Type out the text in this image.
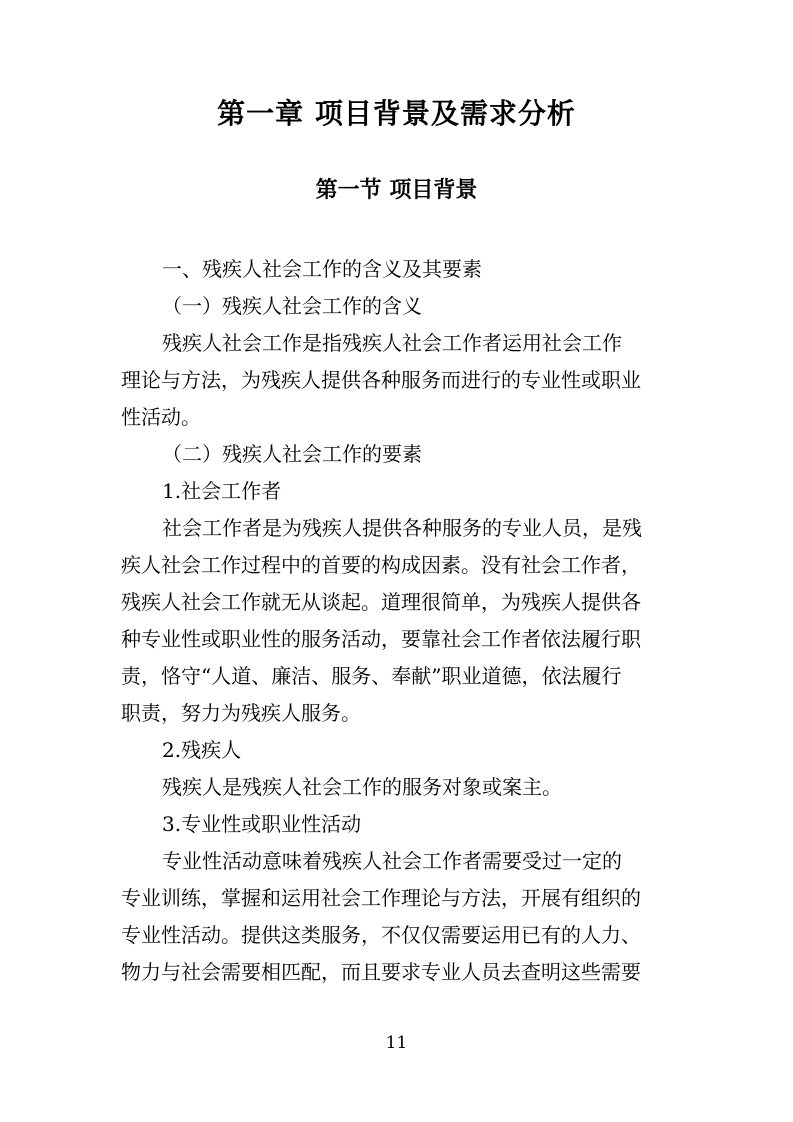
第一章 项目背景及需求分析
第一节 项目背景

一、残疾人社会工作的含义及其要素

（一）残疾人社会工作的含义

残疾人社会工作是指残疾人社会工作者运用社会工作

理论与方法，为残疾人提供各种服务而进行的专业性或职业

性活动。

（二）残疾人社会工作的要素

1.社会工作者

社会工作者是为残疾人提供各种服务的专业人员，是残

疾人社会工作过程中的首要的构成因素。没有社会工作者，

残疾人社会工作就无从谈起。道理很简单，为残疾人提供各

种专业性或职业性的服务活动，要靠社会工作者依法履行职

责，恪守“人道、廉洁、服务、奉献”职业道德，依法履行

职责，努力为残疾人服务。

2.残疾人

残疾人是残疾人社会工作的服务对象或案主。

3.专业性或职业性活动

专业性活动意味着残疾人社会工作者需要受过一定的

专业训练，掌握和运用社会工作理论与方法，开展有组织的

专业性活动。提供这类服务，不仅仅需要运用已有的人力、

物力与社会需要相匹配，而且要求专业人员去查明这些需要

11
